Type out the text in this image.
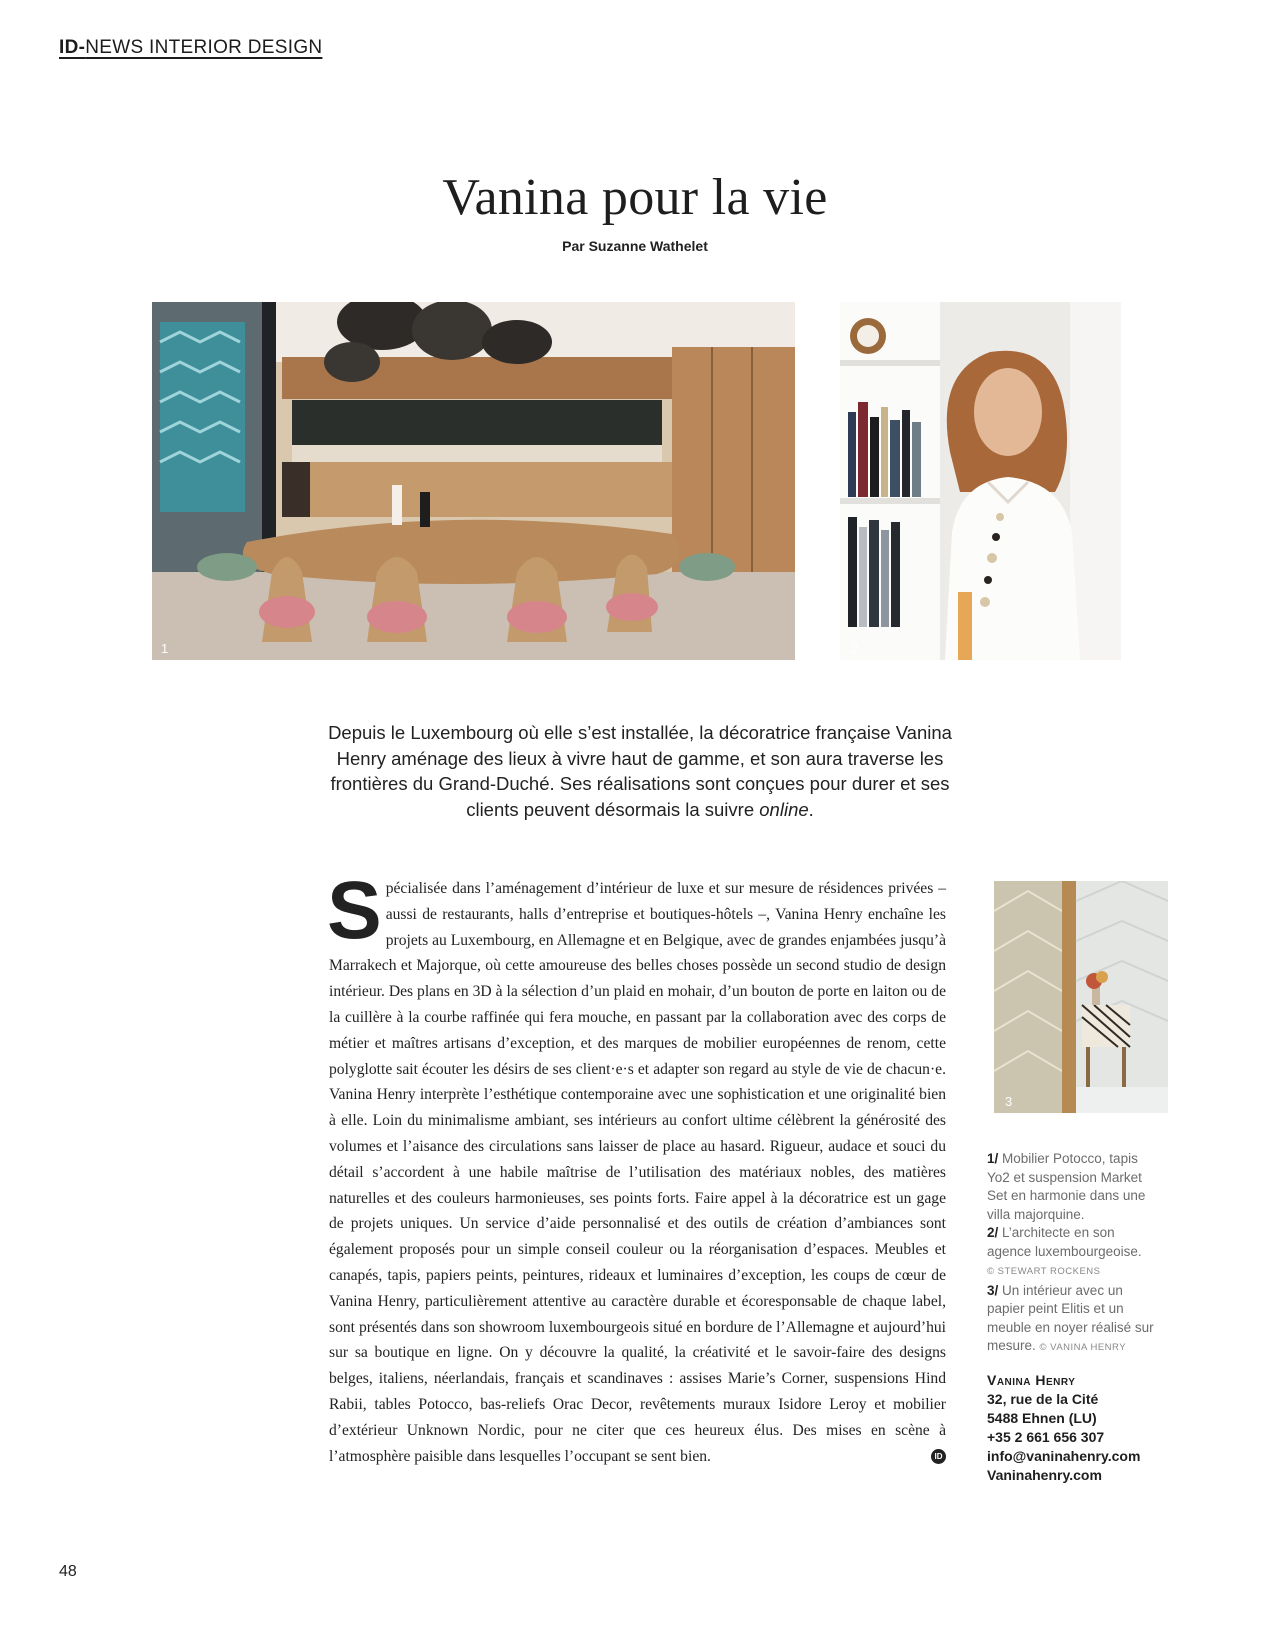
ID-NEWS INTERIOR DESIGN
Vanina pour la vie
Par Suzanne Wathelet
1	2
Depuis le Luxembourg où elle s’est installée, la décoratrice française Vanina Henry aménage des lieux à vivre haut de gamme, et son aura traverse les frontières du Grand-Duché. Ses réalisations sont conçues pour durer et ses clients peuvent désormais la suivre online.
Spécialisée dans l’aménagement d’intérieur de luxe et sur mesure de résidences privées – aussi de restaurants, halls d’entreprise et boutiques-hôtels –, Vanina Henry enchaîne les projets au Luxembourg, en Allemagne et en Belgique, avec de grandes enjambées jusqu’à Marrakech et Majorque, où cette amoureuse des belles choses possède un second studio de design intérieur. Des plans en 3D à la sélection d’un plaid en mohair, d’un bouton de porte en laiton ou de la cuillère à la courbe raffinée qui fera mouche, en passant par la collaboration avec des corps de métier et maîtres artisans d’exception, et des marques de mobilier européennes de renom, cette polyglotte sait écouter les désirs de ses client·e·s et adapter son regard au style de vie de chacun·e. Vanina Henry interprète l’esthétique contemporaine avec une sophistication et une originalité bien à elle. Loin du minimalisme ambiant, ses intérieurs au confort ultime célèbrent la générosité des volumes et l’aisance des circulations sans laisser de place au hasard. Rigueur, audace et souci du détail s’accordent à une habile maîtrise de l’utilisation des matériaux nobles, des matières naturelles et des couleurs harmonieuses, ses points forts. Faire appel à la décoratrice est un gage de projets uniques. Un service d’aide personnalisé et des outils de création d’ambiances sont également proposés pour un simple conseil couleur ou la réorganisation d’espaces. Meubles et canapés, tapis, papiers peints, peintures, rideaux et luminaires d’exception, les coups de cœur de Vanina Henry, particulièrement attentive au caractère durable et écoresponsable de chaque label, sont présentés dans son showroom luxembourgeois situé en bordure de l’Allemagne et aujourd’hui sur sa boutique en ligne. On y découvre la qualité, la créativité et le savoir-faire des designs belges, italiens, néerlandais, français et scandinaves : assises Marie’s Corner, suspensions Hind Rabii, tables Potocco, bas-reliefs Orac Decor, revêtements muraux Isidore Leroy et mobilier d’extérieur Unknown Nordic, pour ne citer que ces heureux élus. Des mises en scène à l’atmosphère paisible dans lesquelles l’occupant se sent bien.	ID
3
1/ Mobilier Potocco, tapis Yo2 et suspension Market Set en harmonie dans une villa majorquine.
2/ L’architecte en son agence luxembourgeoise.
© STEWART ROCKENS
3/ Un intérieur avec un papier peint Elitis et un meuble en noyer réalisé sur mesure. © VANINA HENRY
Vanina Henry
32, rue de la Cité
5488 Ehnen (LU)
+35 2 661 656 307
info@vaninahenry.com
Vaninahenry.com
48
